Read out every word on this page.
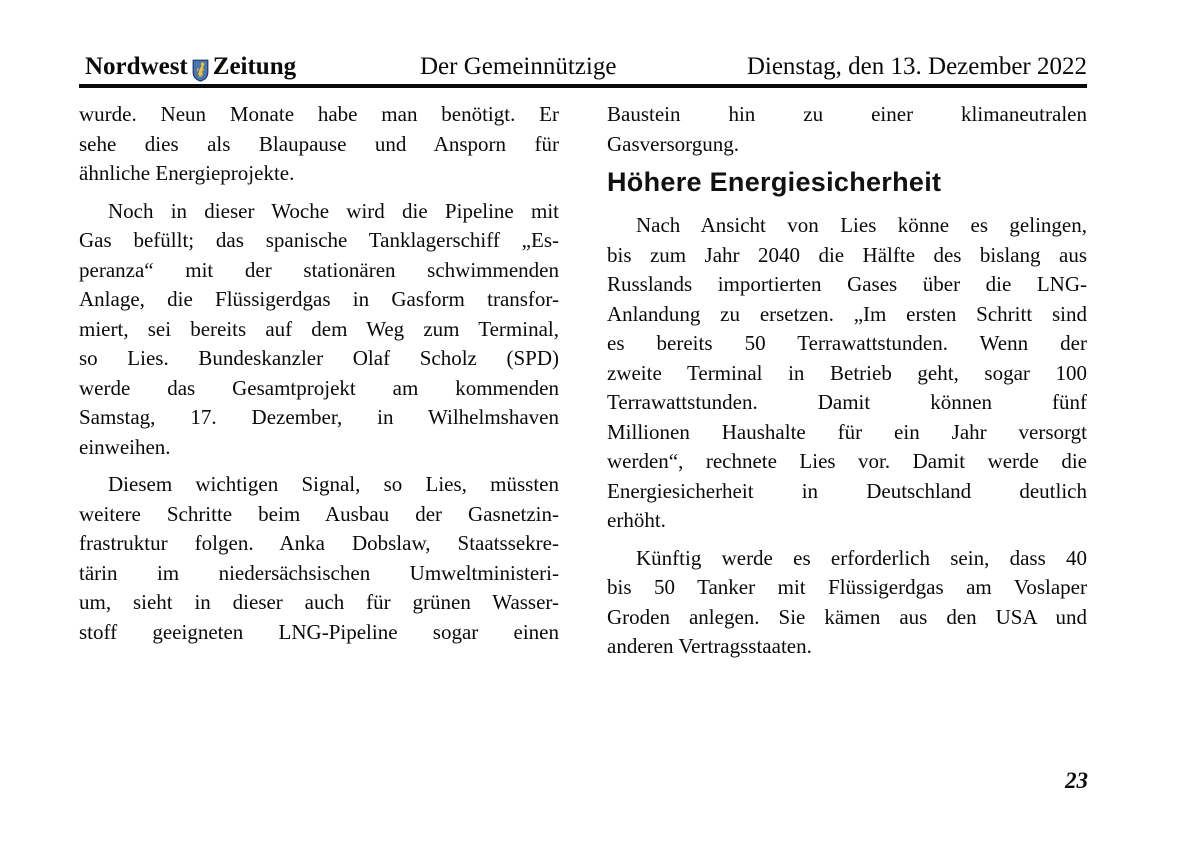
Nordwest Zeitung	Der Gemeinnützige	Dienstag, den 13. Dezember 2022
wurde. Neun Monate habe man benötigt. Er
sehe dies als Blaupause und Ansporn für
ähnliche Energieprojekte.
Noch in dieser Woche wird die Pipeline mit
Gas befüllt; das spanische Tanklagerschiff „Es-
peranza“ mit der stationären schwimmenden
Anlage, die Flüssigerdgas in Gasform transfor-
miert, sei bereits auf dem Weg zum Terminal,
so Lies. Bundeskanzler Olaf Scholz (SPD)
werde das Gesamtprojekt am kommenden
Samstag, 17. Dezember, in Wilhelmshaven
einweihen.
Diesem wichtigen Signal, so Lies, müssten
weitere Schritte beim Ausbau der Gasnetzin-
frastruktur folgen. Anka Dobslaw, Staatssekre-
tärin im niedersächsischen Umweltministeri-
um, sieht in dieser auch für grünen Wasser-
stoff geeigneten LNG-Pipeline sogar einen
Baustein hin zu einer klimaneutralen
Gasversorgung.
Höhere Energiesicherheit
Nach Ansicht von Lies könne es gelingen,
bis zum Jahr 2040 die Hälfte des bislang aus
Russlands importierten Gases über die LNG-
Anlandung zu ersetzen. „Im ersten Schritt sind
es bereits 50 Terrawattstunden. Wenn der
zweite Terminal in Betrieb geht, sogar 100
Terrawattstunden. Damit können fünf
Millionen Haushalte für ein Jahr versorgt
werden“, rechnete Lies vor. Damit werde die
Energiesicherheit in Deutschland deutlich
erhöht.
Künftig werde es erforderlich sein, dass 40
bis 50 Tanker mit Flüssigerdgas am Voslaper
Groden anlegen. Sie kämen aus den USA und
anderen Vertragsstaaten.
23
